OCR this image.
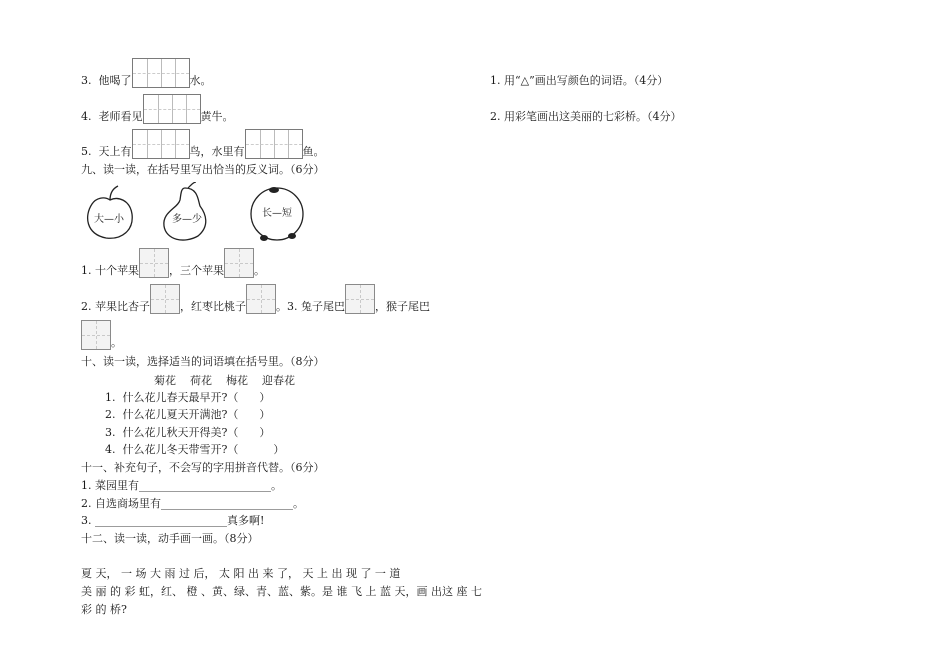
3. 他喝了	水。
4. 老师看见	黄牛。
5. 天上有	鸟，水里有	鱼。
九、读一读，在括号里写出恰当的反义词。（6分）
大—小	多—少
长—短
1. 十个苹果	，三个苹果	。
2. 苹果比杏子	，红枣比桃子	。3. 兔子尾巴	，猴子尾巴
。
十、读一读，选择适当的词语填在括号里。（8分）
菊花    荷花    梅花    迎春花
1.  什么花儿春天最早开?（      ）
2.  什么花儿夏天开满池?（      ）
3.  什么花儿秋天开得美?（      ）
4.  什么花儿冬天带雪开?（          ）
十一、补充句子，不会写的字用拼音代替。（6分）
1. 菜园里有________________________。
2. 自选商场里有________________________。
3. ________________________真多啊!
十二、读一读，动手画一画。（8分）
夏 天， 一 场 大 雨 过 后， 太 阳 出 来 了， 天 上 出 现 了 一 道
美 丽 的 彩 虹，红、 橙 、黄、绿、青、蓝、紫。是 谁 飞 上 蓝 天，画 出这 座 七
彩 的 桥?
1. 用“△”画出写颜色的词语。（4分）
2. 用彩笔画出这美丽的七彩桥。（4分）
